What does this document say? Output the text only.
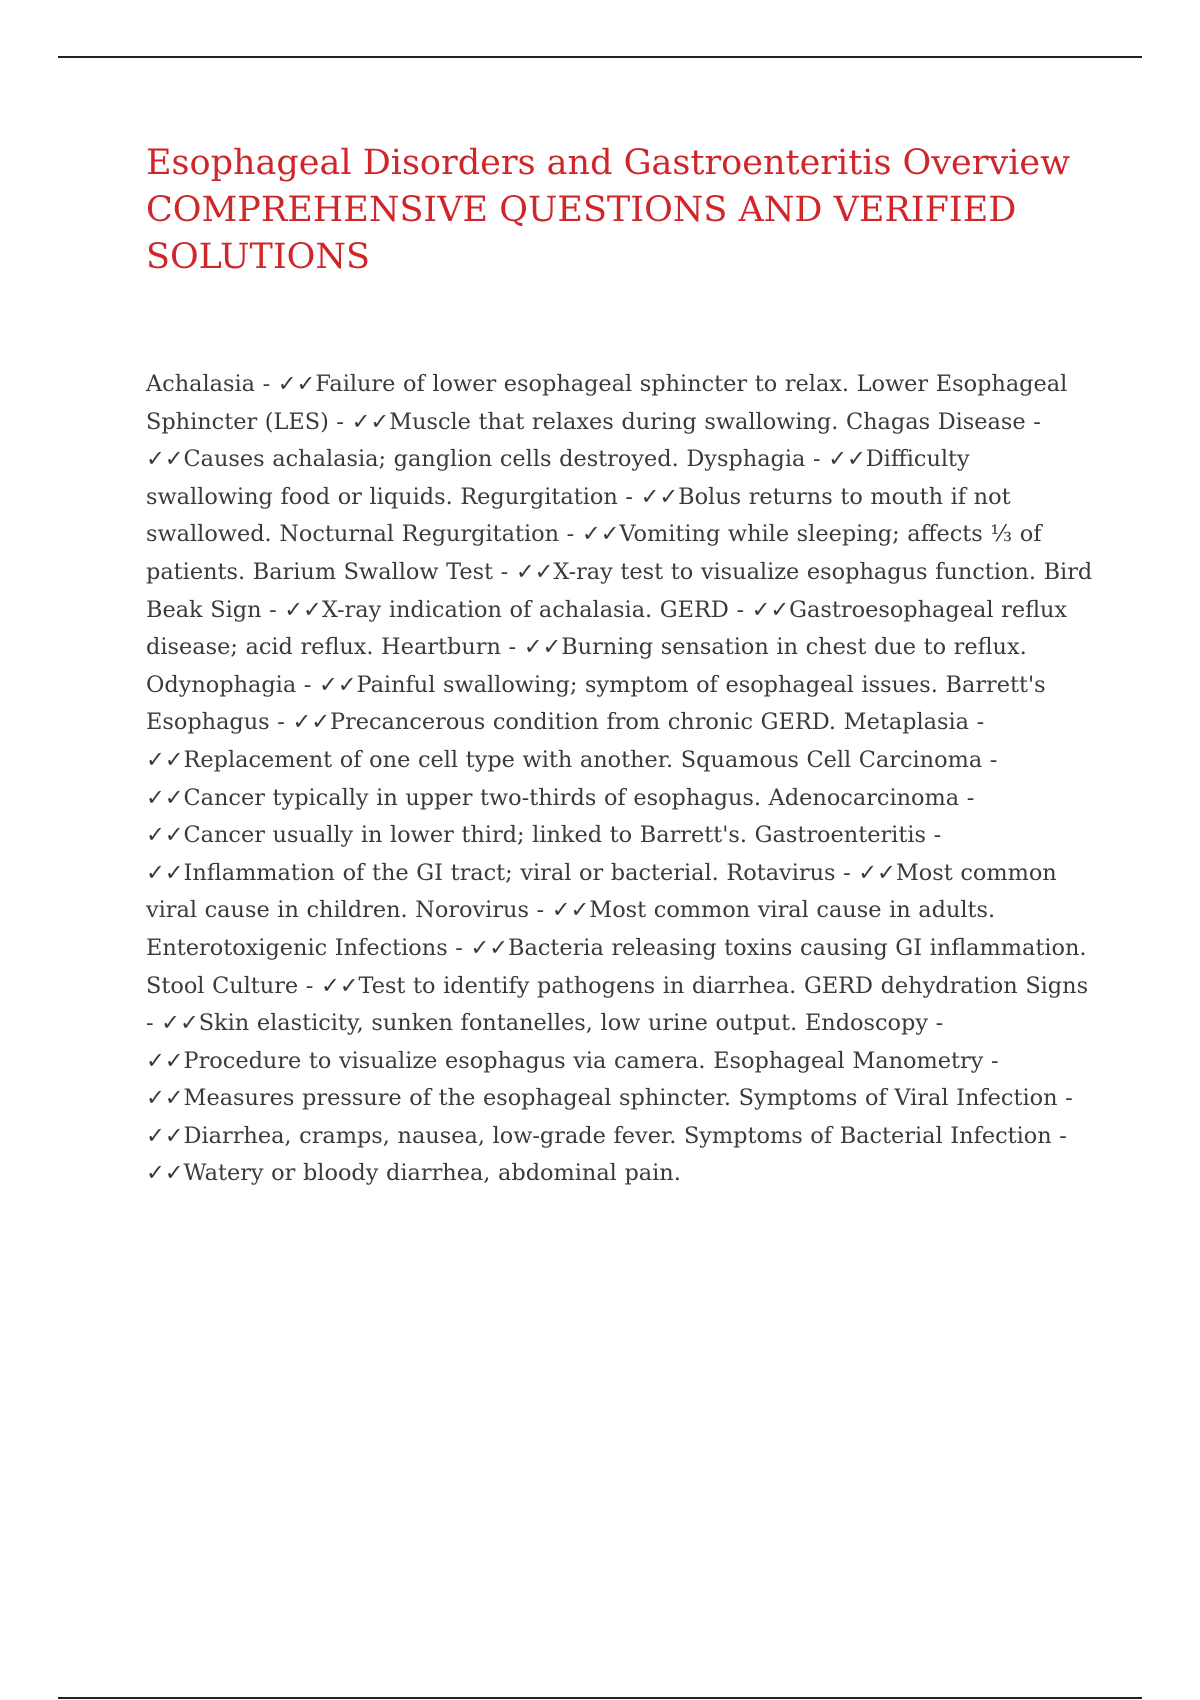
Esophageal Disorders and Gastroenteritis Overview
COMPREHENSIVE QUESTIONS AND VERIFIED
SOLUTIONS

Achalasia - ✓✓Failure of lower esophageal sphincter to relax. Lower Esophageal Sphincter (LES) - ✓✓Muscle that relaxes during swallowing. Chagas Disease - ✓✓Causes achalasia; ganglion cells destroyed. Dysphagia - ✓✓Difficulty swallowing food or liquids. Regurgitation - ✓✓Bolus returns to mouth if not swallowed. Nocturnal Regurgitation - ✓✓Vomiting while sleeping; affects ⅓ of patients. Barium Swallow Test - ✓✓X-ray test to visualize esophagus function. Bird Beak Sign - ✓✓X-ray indication of achalasia. GERD - ✓✓Gastroesophageal reflux disease; acid reflux. Heartburn - ✓✓Burning sensation in chest due to reflux. Odynophagia - ✓✓Painful swallowing; symptom of esophageal issues. Barrett's Esophagus - ✓✓Precancerous condition from chronic GERD. Metaplasia - ✓✓Replacement of one cell type with another. Squamous Cell Carcinoma - ✓✓Cancer typically in upper two-thirds of esophagus. Adenocarcinoma - ✓✓Cancer usually in lower third; linked to Barrett's. Gastroenteritis - ✓✓Inflammation of the GI tract; viral or bacterial. Rotavirus - ✓✓Most common viral cause in children. Norovirus - ✓✓Most common viral cause in adults. Enterotoxigenic Infections - ✓✓Bacteria releasing toxins causing GI inflammation. Stool Culture - ✓✓Test to identify pathogens in diarrhea. GERD dehydration Signs - ✓✓Skin elasticity, sunken fontanelles, low urine output. Endoscopy - ✓✓Procedure to visualize esophagus via camera. Esophageal Manometry - ✓✓Measures pressure of the esophageal sphincter. Symptoms of Viral Infection - ✓✓Diarrhea, cramps, nausea, low-grade fever. Symptoms of Bacterial Infection - ✓✓Watery or bloody diarrhea, abdominal pain.
